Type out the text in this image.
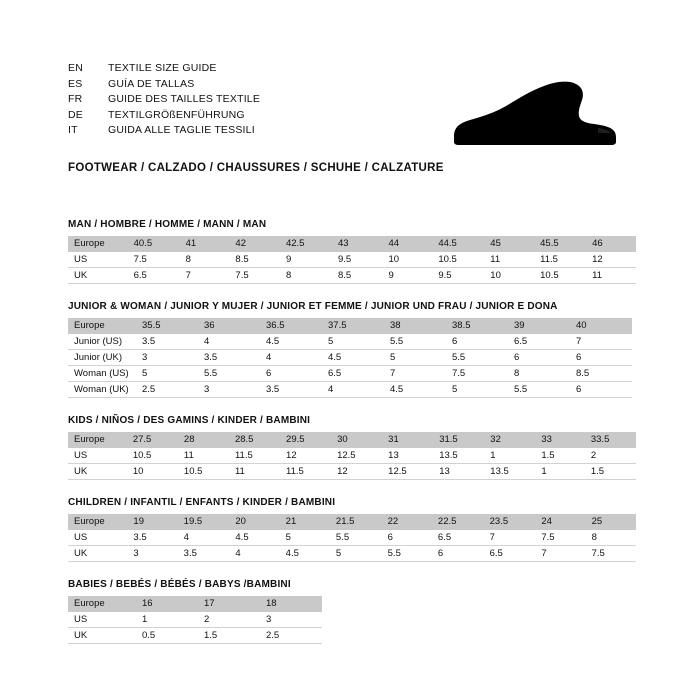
EN	TEXTILE SIZE GUIDE
ES	GUÍA DE TALLAS
FR	GUIDE DES TAILLES TEXTILE
DE	TEXTILGRÖßENFÜHRUNG
IT	GUIDA ALLE TAGLIE TESSILI
FOOTWEAR / CALZADO / CHAUSSURES / SCHUHE / CALZATURE
MAN / HOMBRE / HOMME / MANN / MAN
Europe	40.5	41	42	42.5	43	44	44.5	45	45.5	46
US	7.5	8	8.5	9	9.5	10	10.5	11	11.5	12
UK	6.5	7	7.5	8	8.5	9	9.5	10	10.5	11
JUNIOR & WOMAN / JUNIOR Y MUJER / JUNIOR ET FEMME / JUNIOR UND FRAU / JUNIOR E DONA
Europe	35.5	36	36.5	37.5	38	38.5	39	40
Junior (US)	3.5	4	4.5	5	5.5	6	6.5	7
Junior (UK)	3	3.5	4	4.5	5	5.5	6	6
Woman (US)	5	5.5	6	6.5	7	7.5	8	8.5
Woman (UK)	2.5	3	3.5	4	4.5	5	5.5	6
KIDS / NIÑOS / DES GAMINS / KINDER / BAMBINI
Europe	27.5	28	28.5	29.5	30	31	31.5	32	33	33.5
US	10.5	11	11.5	12	12.5	13	13.5	1	1.5	2
UK	10	10.5	11	11.5	12	12.5	13	13.5	1	1.5
CHILDREN / INFANTIL / ENFANTS / KINDER / BAMBINI
Europe	19	19.5	20	21	21.5	22	22.5	23.5	24	25
US	3.5	4	4.5	5	5.5	6	6.5	7	7.5	8
UK	3	3.5	4	4.5	5	5.5	6	6.5	7	7.5
BABIES / BEBÉS / BÉBÉS / BABYS /BAMBINI
Europe	16	17	18
US	1	2	3
UK	0.5	1.5	2.5
